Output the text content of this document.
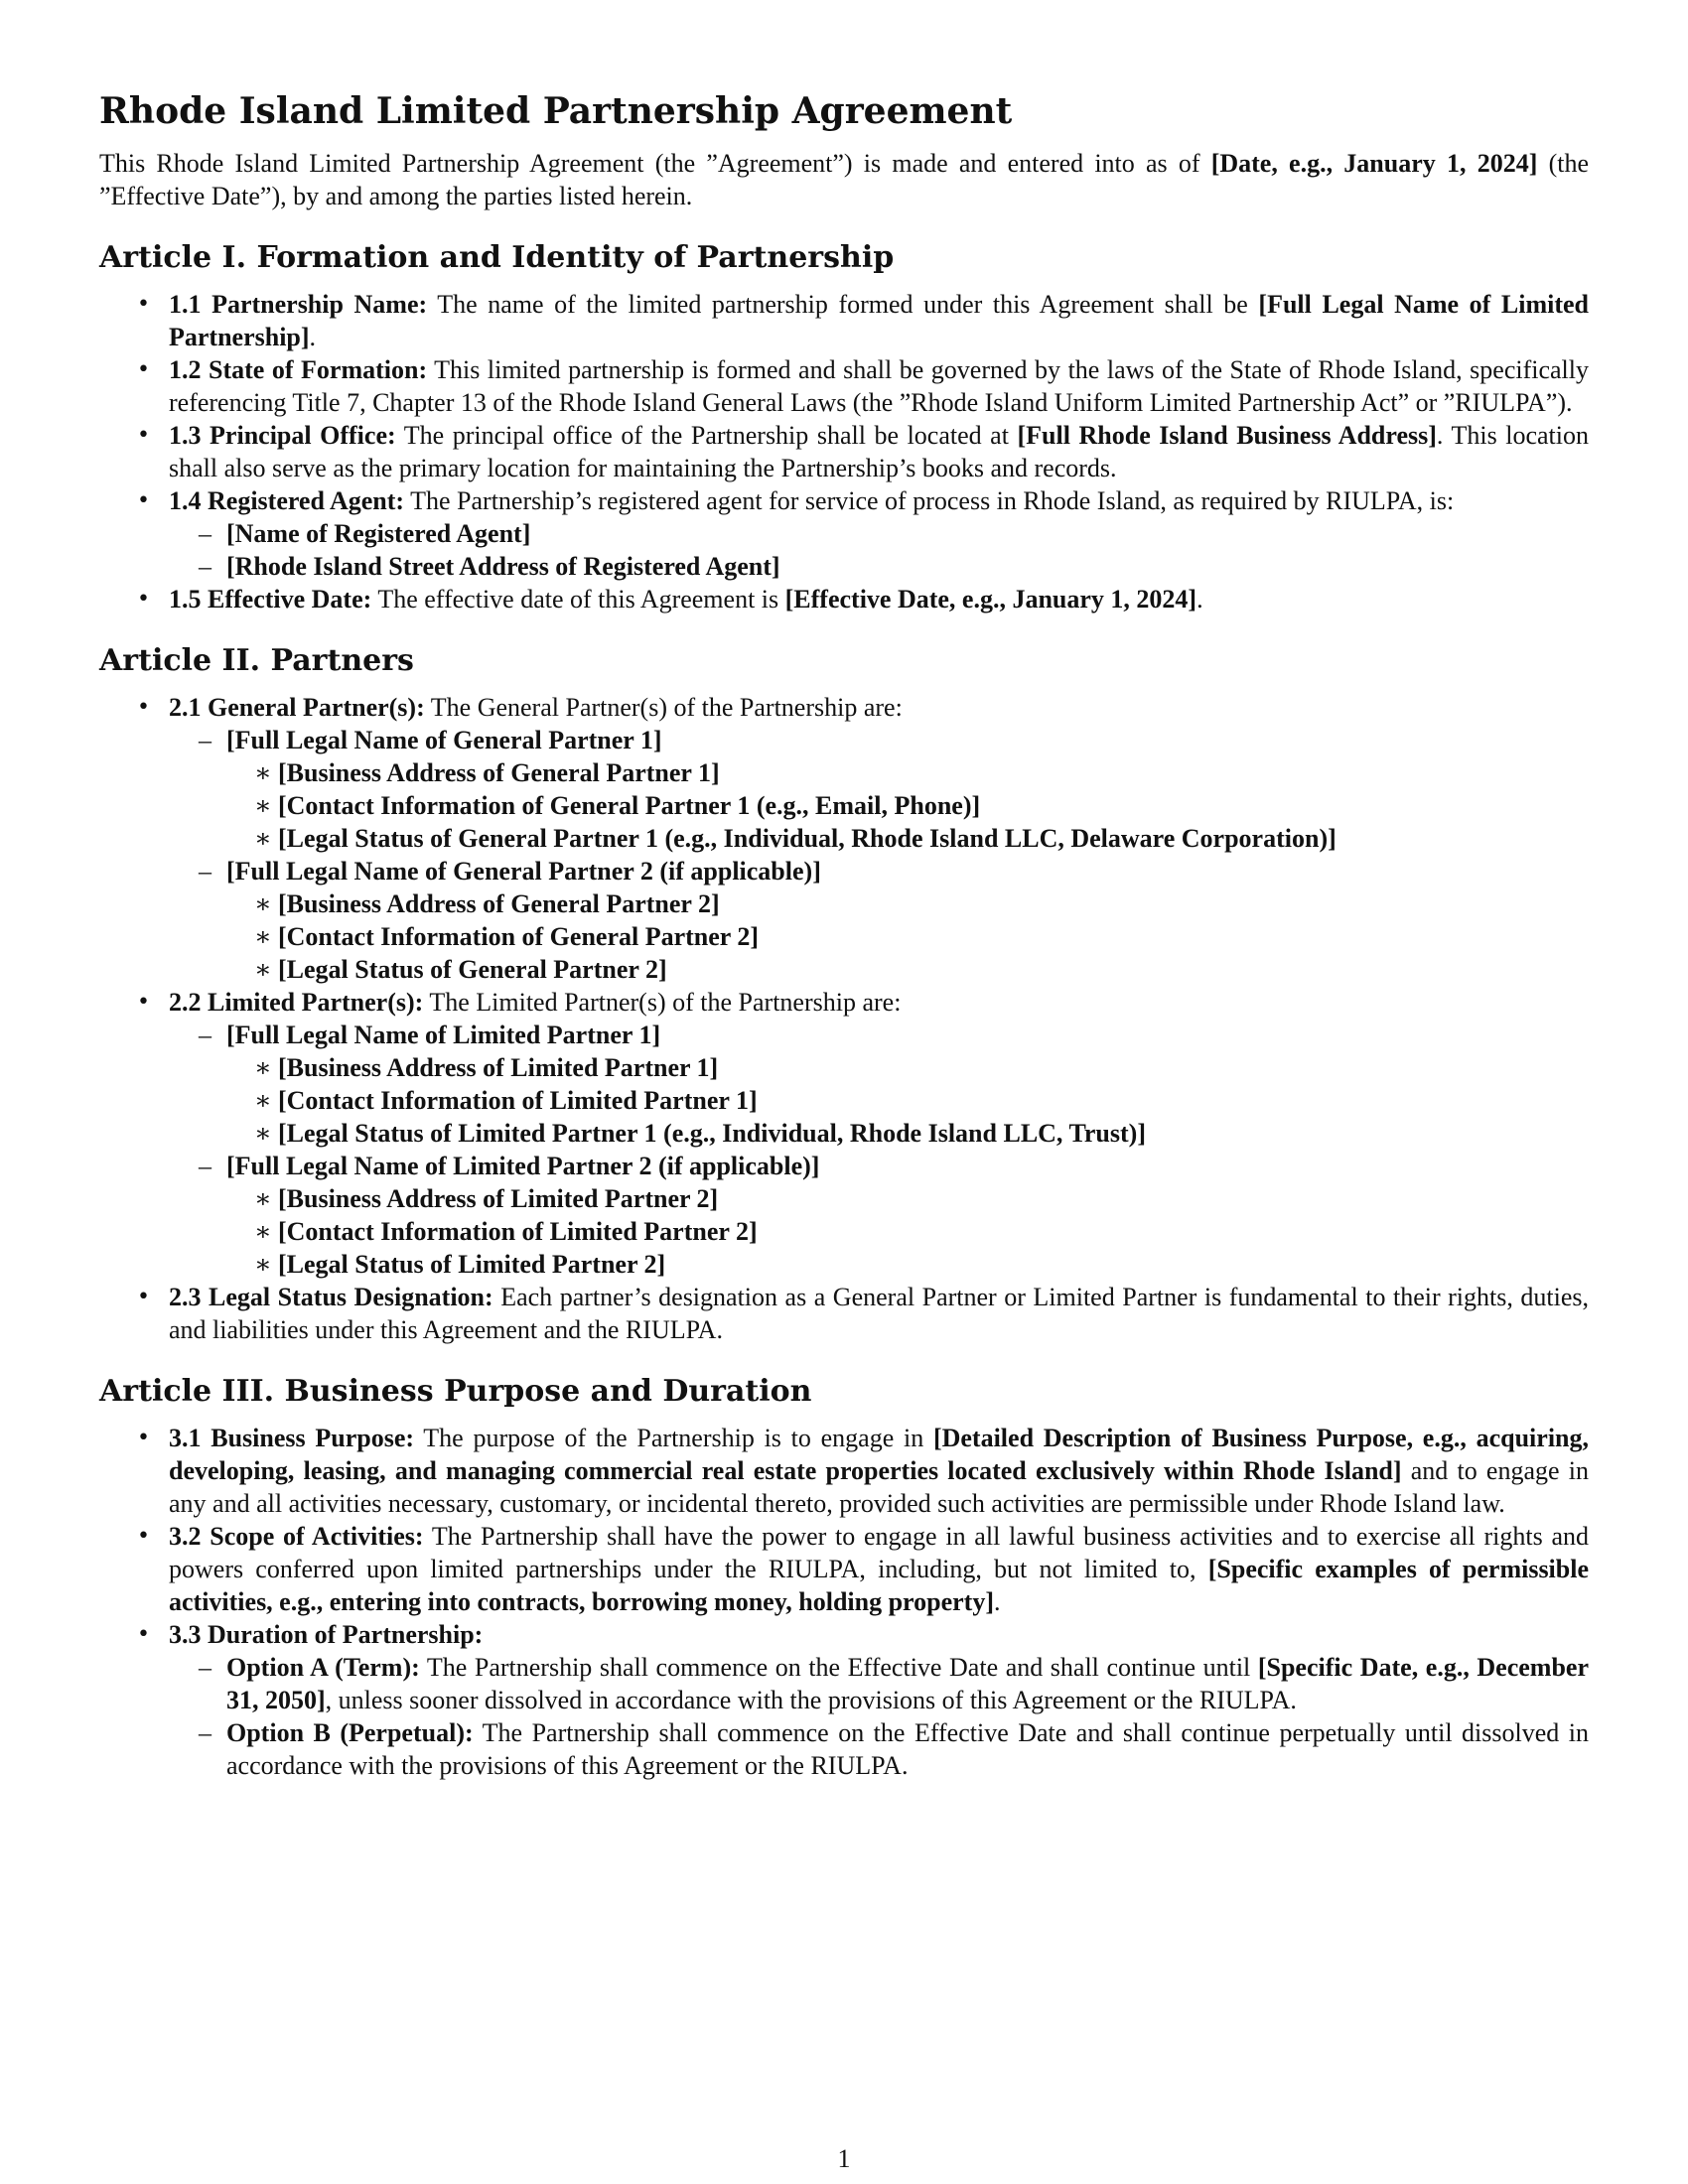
Rhode Island Limited Partnership Agreement

This Rhode Island Limited Partnership Agreement (the ”Agreement”) is made and entered into as of [Date, e.g., January 1, 2024] (the ”Effective Date”), by and among the parties listed herein.

Article I. Formation and Identity of Partnership
• 1.1 Partnership Name: The name of the limited partnership formed under this Agreement shall be [Full Legal Name of Limited Partnership].
• 1.2 State of Formation: This limited partnership is formed and shall be governed by the laws of the State of Rhode Island, specifically referencing Title 7, Chapter 13 of the Rhode Island General Laws (the ”Rhode Island Uniform Limited Partnership Act” or ”RIULPA”).
• 1.3 Principal Office: The principal office of the Partnership shall be located at [Full Rhode Island Business Address]. This location shall also serve as the primary location for maintaining the Partnership’s books and records.
• 1.4 Registered Agent: The Partnership’s registered agent for service of process in Rhode Island, as required by RIULPA, is:
– [Name of Registered Agent]
– [Rhode Island Street Address of Registered Agent]
• 1.5 Effective Date: The effective date of this Agreement is [Effective Date, e.g., January 1, 2024].
Article II. Partners
• 2.1 General Partner(s): The General Partner(s) of the Partnership are:
– [Full Legal Name of General Partner 1]
∗ [Business Address of General Partner 1]
∗ [Contact Information of General Partner 1 (e.g., Email, Phone)]
∗ [Legal Status of General Partner 1 (e.g., Individual, Rhode Island LLC, Delaware Corporation)]
– [Full Legal Name of General Partner 2 (if applicable)]
∗ [Business Address of General Partner 2]
∗ [Contact Information of General Partner 2]
∗ [Legal Status of General Partner 2]
• 2.2 Limited Partner(s): The Limited Partner(s) of the Partnership are:
– [Full Legal Name of Limited Partner 1]
∗ [Business Address of Limited Partner 1]
∗ [Contact Information of Limited Partner 1]
∗ [Legal Status of Limited Partner 1 (e.g., Individual, Rhode Island LLC, Trust)]
– [Full Legal Name of Limited Partner 2 (if applicable)]
∗ [Business Address of Limited Partner 2]
∗ [Contact Information of Limited Partner 2]
∗ [Legal Status of Limited Partner 2]
• 2.3 Legal Status Designation: Each partner’s designation as a General Partner or Limited Partner is fundamental to their rights, duties, and liabilities under this Agreement and the RIULPA.
Article III. Business Purpose and Duration
• 3.1 Business Purpose: The purpose of the Partnership is to engage in [Detailed Description of Business Purpose, e.g., acquiring, developing, leasing, and managing commercial real estate properties located exclusively within Rhode Island] and to engage in any and all activities necessary, customary, or incidental thereto, provided such activities are permissible under Rhode Island law.
• 3.2 Scope of Activities: The Partnership shall have the power to engage in all lawful business activities and to exercise all rights and powers conferred upon limited partnerships under the RIULPA, including, but not limited to, [Specific examples of permissible activities, e.g., entering into contracts, borrowing money, holding property].
• 3.3 Duration of Partnership:
– Option A (Term): The Partnership shall commence on the Effective Date and shall continue until [Specific Date, e.g., December 31, 2050], unless sooner dissolved in accordance with the provisions of this Agreement or the RIULPA.
– Option B (Perpetual): The Partnership shall commence on the Effective Date and shall continue perpetually until dissolved in accordance with the provisions of this Agreement or the RIULPA.
1
